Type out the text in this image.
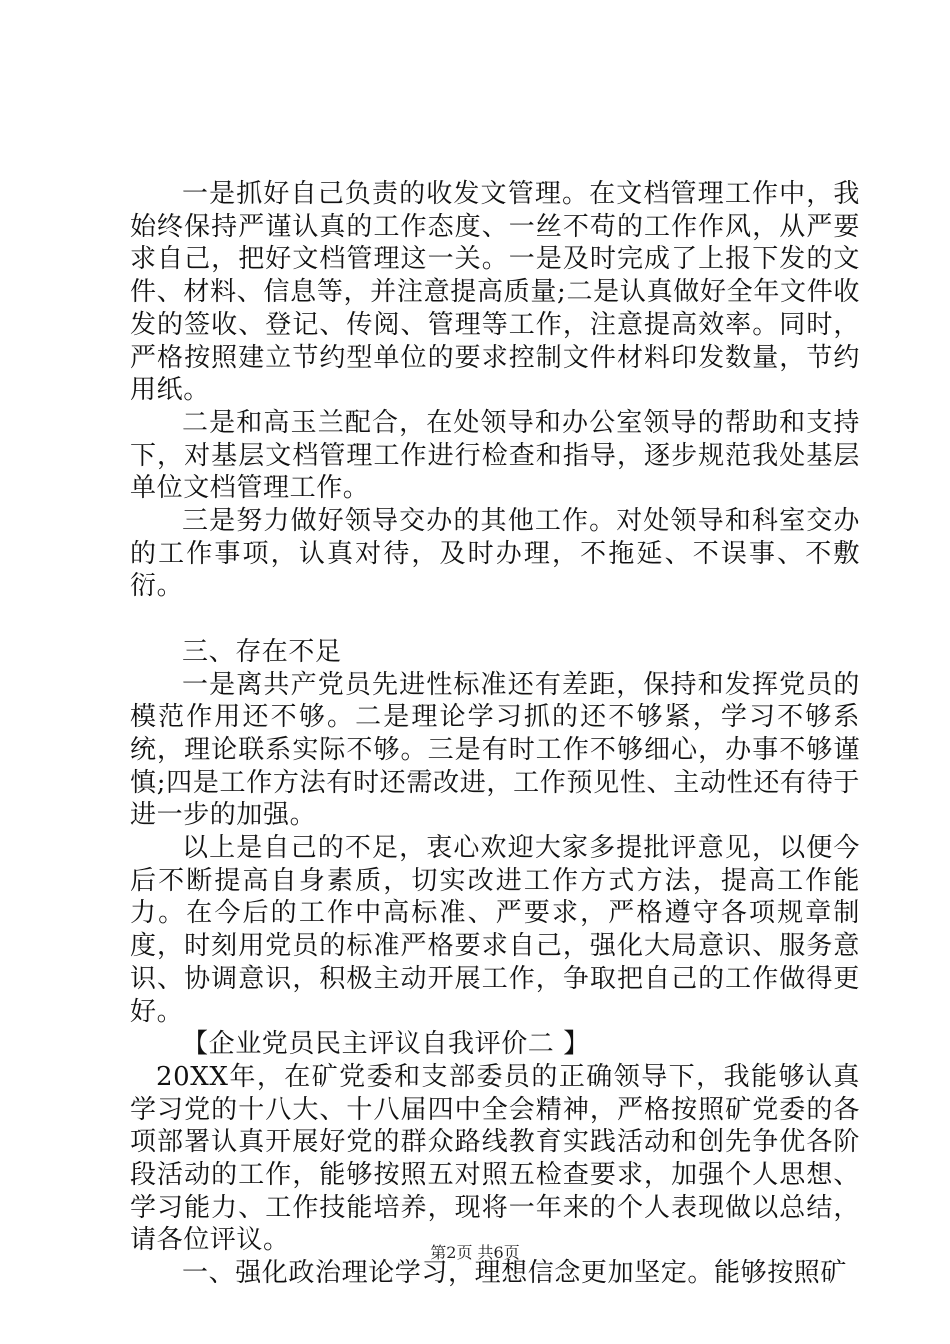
一是抓好自己负责的收发文管理。在文档管理工作中，我始终保持严谨认真的工作态度、一丝不苟的工作作风，从严要求自己，把好文档管理这一关。一是及时完成了上报下发的文件、材料、信息等，并注意提高质量;二是认真做好全年文件收发的签收、登记、传阅、管理等工作，注意提高效率。同时，严格按照建立节约型单位的要求控制文件材料印发数量，节约用纸。

二是和高玉兰配合，在处领导和办公室领导的帮助和支持下，对基层文档管理工作进行检查和指导，逐步规范我处基层单位文档管理工作。

三是努力做好领导交办的其他工作。对处领导和科室交办的工作事项，认真对待，及时办理，不拖延、不误事、不敷衍。

三、存在不足

一是离共产党员先进性标准还有差距，保持和发挥党员的模范作用还不够。二是理论学习抓的还不够紧，学习不够系统，理论联系实际不够。三是有时工作不够细心，办事不够谨慎;四是工作方法有时还需改进，工作预见性、主动性还有待于进一步的加强。

以上是自己的不足，衷心欢迎大家多提批评意见，以便今后不断提高自身素质，切实改进工作方式方法，提高工作能力。在今后的工作中高标准、严要求，严格遵守各项规章制度，时刻用党员的标准严格要求自己，强化大局意识、服务意识、协调意识，积极主动开展工作，争取把自己的工作做得更好。

【企业党员民主评议自我评价二 】

20XX年，在矿党委和支部委员的正确领导下，我能够认真学习党的十八大、十八届四中全会精神，严格按照矿党委的各项部署认真开展好党的群众路线教育实践活动和创先争优各阶段活动的工作，能够按照五对照五检查要求，加强个人思想、学习能力、工作技能培养，现将一年来的个人表现做以总结，请各位评议。

一、强化政治理论学习，理想信念更加坚定。能够按照矿

第2页 共6页
